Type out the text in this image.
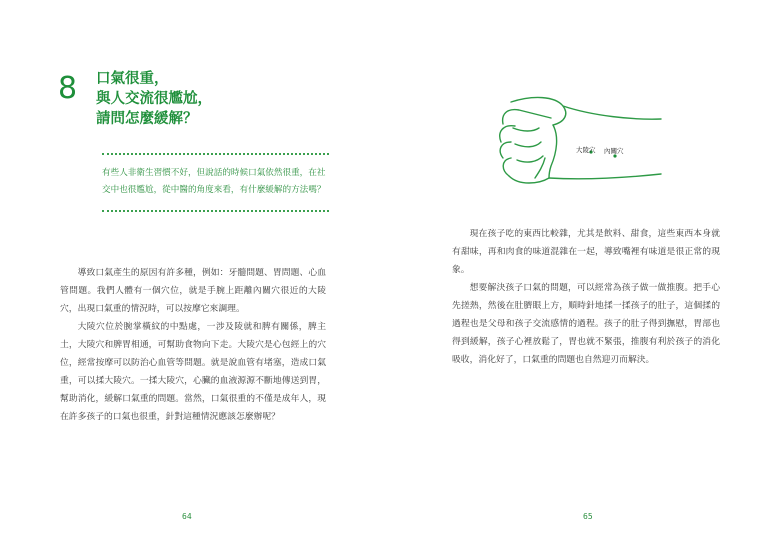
8 口氣很重，
與人交流很尷尬，
請問怎麼緩解？

有些人非衛生習慣不好，但說話的時候口氣依然很重，在社交中也很尷尬，從中醫的角度來看，有什麼緩解的方法嗎？

導致口氣產生的原因有許多種，例如：牙髓問題、胃問題、心血管問題。我們人體有一個穴位，就是手腕上距離內關穴很近的大陵穴，出現口氣重的情況時，可以按摩它來調理。

大陵穴位於腕掌橫紋的中點處，一涉及陵就和脾有關係，脾主土，大陵穴和脾胃相通，可幫助食物向下走。大陵穴是心包經上的穴位，經常按摩可以防治心血管等問題。就是說血管有堵塞，造成口氣重，可以揉大陵穴。一揉大陵穴，心臟的血液源源不斷地傳送到胃，幫助消化，緩解口氣重的問題。當然，口氣很重的不僅是成年人，現在許多孩子的口氣也很重，針對這種情況應該怎麼辦呢？

大陵穴 內關穴

現在孩子吃的東西比較雜，尤其是飲料、甜食，這些東西本身就有甜味，再和肉食的味道混雜在一起，導致嘴裡有味道是很正常的現象。

想要解決孩子口氣的問題，可以經常為孩子做一做推腹。把手心先搓熱，然後在肚臍眼上方，順時針地揉一揉孩子的肚子，這個揉的過程也是父母和孩子交流感情的過程。孩子的肚子得到撫慰，胃部也得到緩解，孩子心裡放鬆了，胃也就不緊張，推腹有利於孩子的消化吸收，消化好了，口氣重的問題也自然迎刃而解決。

64	65
